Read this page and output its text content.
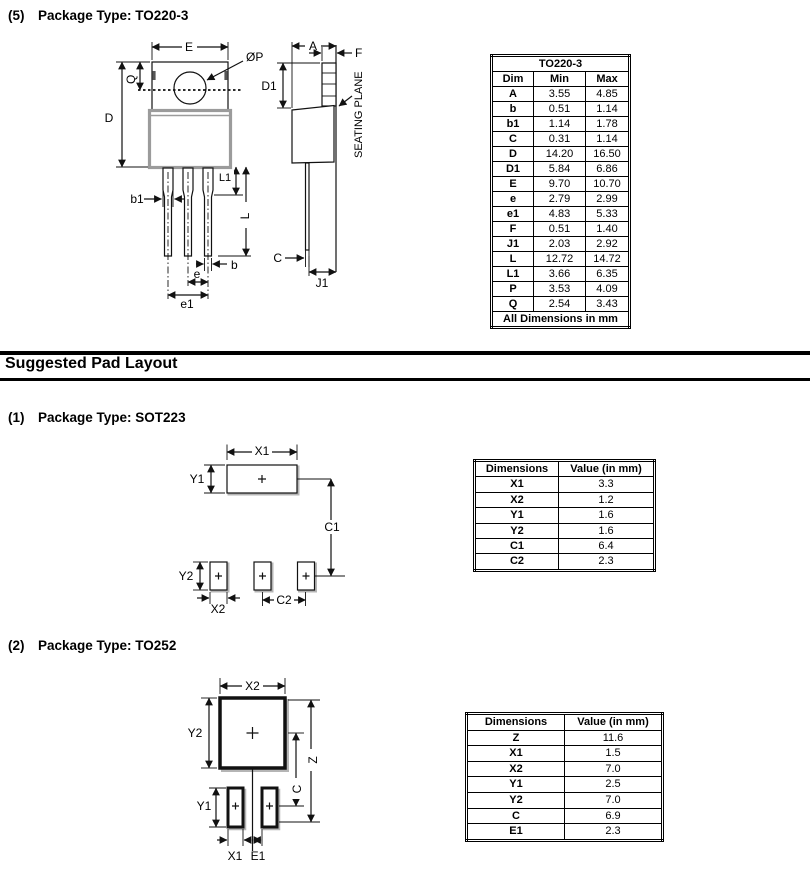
(5)	Package Type: TO220-3
E
ØP
Q
D
L1
L
b1
b
e
e1
A	F
D1
C
J1
SEATING PLANE
TO220-3		
Dim	Min	Max
A	3.55	4.85
b	0.51	1.14
b1	1.14	1.78
C	0.31	1.14
D	14.20	16.50
D1	5.84	6.86
E	9.70	10.70
e	2.79	2.99
e1	4.83	5.33
F	0.51	1.40
J1	2.03	2.92
L	12.72	14.72
L1	3.66	6.35
P	3.53	4.09
Q	2.54	3.43
All Dimensions in mm		
Suggested Pad Layout
(1)	Package Type: SOT223
X1
Y1
C1
Y2
X2
C2
Dimensions	Value (in mm)
X1	3.3
X2	1.2
Y1	1.6
Y2	1.6
C1	6.4
C2	2.3
(2)	Package Type: TO252
X2
Y2
Z
C
Y1
X1 E1
Dimensions	Value (in mm)
Z	11.6
X1	1.5
X2	7.0
Y1	2.5
Y2	7.0
C	6.9
E1	2.3
